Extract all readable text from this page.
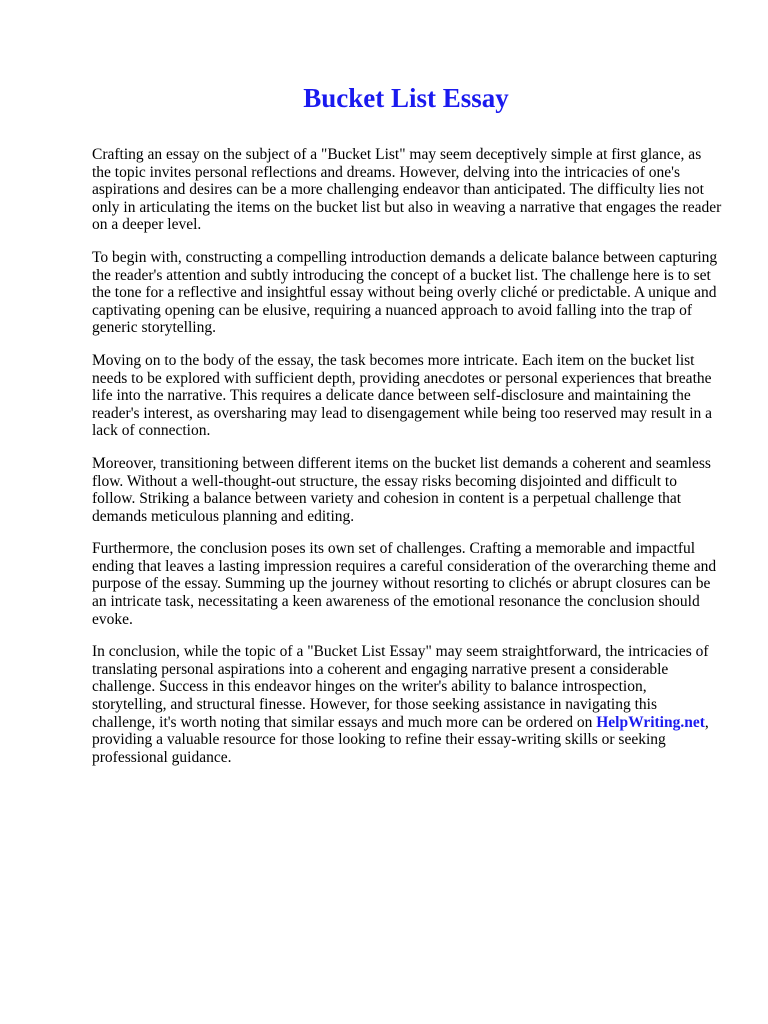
Bucket List Essay

Crafting an essay on the subject of a "Bucket List" may seem deceptively simple at first glance, as the topic invites personal reflections and dreams. However, delving into the intricacies of one's aspirations and desires can be a more challenging endeavor than anticipated. The difficulty lies not only in articulating the items on the bucket list but also in weaving a narrative that engages the reader on a deeper level.

To begin with, constructing a compelling introduction demands a delicate balance between capturing the reader's attention and subtly introducing the concept of a bucket list. The challenge here is to set the tone for a reflective and insightful essay without being overly cliché or predictable. A unique and captivating opening can be elusive, requiring a nuanced approach to avoid falling into the trap of generic storytelling.

Moving on to the body of the essay, the task becomes more intricate. Each item on the bucket list needs to be explored with sufficient depth, providing anecdotes or personal experiences that breathe life into the narrative. This requires a delicate dance between self-disclosure and maintaining the reader's interest, as oversharing may lead to disengagement while being too reserved may result in a lack of connection.

Moreover, transitioning between different items on the bucket list demands a coherent and seamless flow. Without a well-thought-out structure, the essay risks becoming disjointed and difficult to follow. Striking a balance between variety and cohesion in content is a perpetual challenge that demands meticulous planning and editing.

Furthermore, the conclusion poses its own set of challenges. Crafting a memorable and impactful ending that leaves a lasting impression requires a careful consideration of the overarching theme and purpose of the essay. Summing up the journey without resorting to clichés or abrupt closures can be an intricate task, necessitating a keen awareness of the emotional resonance the conclusion should evoke.

In conclusion, while the topic of a "Bucket List Essay" may seem straightforward, the intricacies of translating personal aspirations into a coherent and engaging narrative present a considerable challenge. Success in this endeavor hinges on the writer's ability to balance introspection, storytelling, and structural finesse. However, for those seeking assistance in navigating this challenge, it's worth noting that similar essays and much more can be ordered on HelpWriting.net, providing a valuable resource for those looking to refine their essay-writing skills or seeking professional guidance.
